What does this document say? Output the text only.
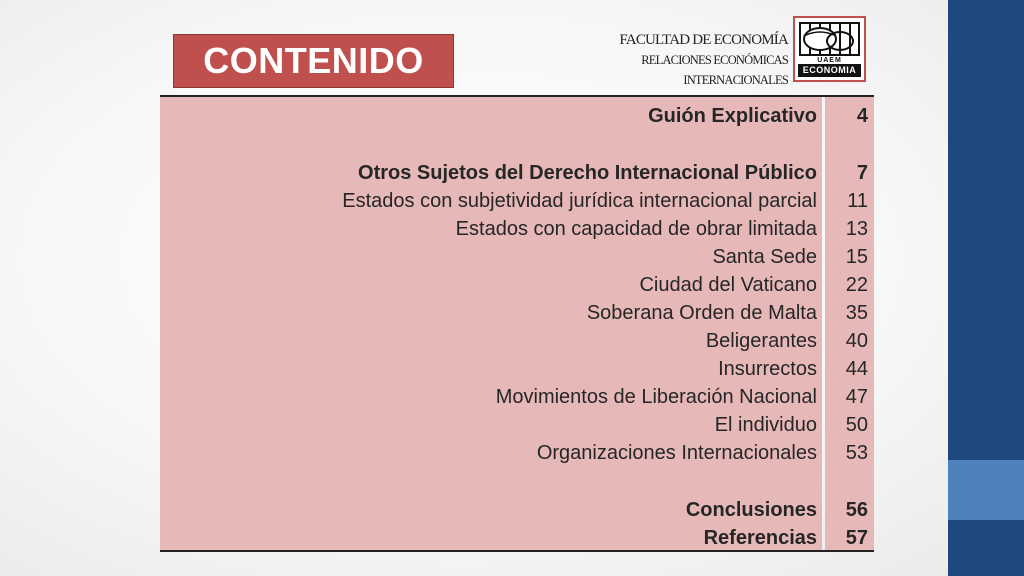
CONTENIDO	FACULTAD DE ECONOMÍA
RELACIONES ECONÓMICAS
INTERNACIONALES
UAEM
ECONOMIA
Guión Explicativo 4
Otros Sujetos del Derecho Internacional Público 7
Estados con subjetividad jurídica internacional parcial 11
Estados con capacidad de obrar limitada 13
Santa Sede 15
Ciudad del Vaticano 22
Soberana Orden de Malta 35
Beligerantes 40
Insurrectos 44
Movimientos de Liberación Nacional 47
El individuo 50
Organizaciones Internacionales 53
Conclusiones 56
Referencias 57
